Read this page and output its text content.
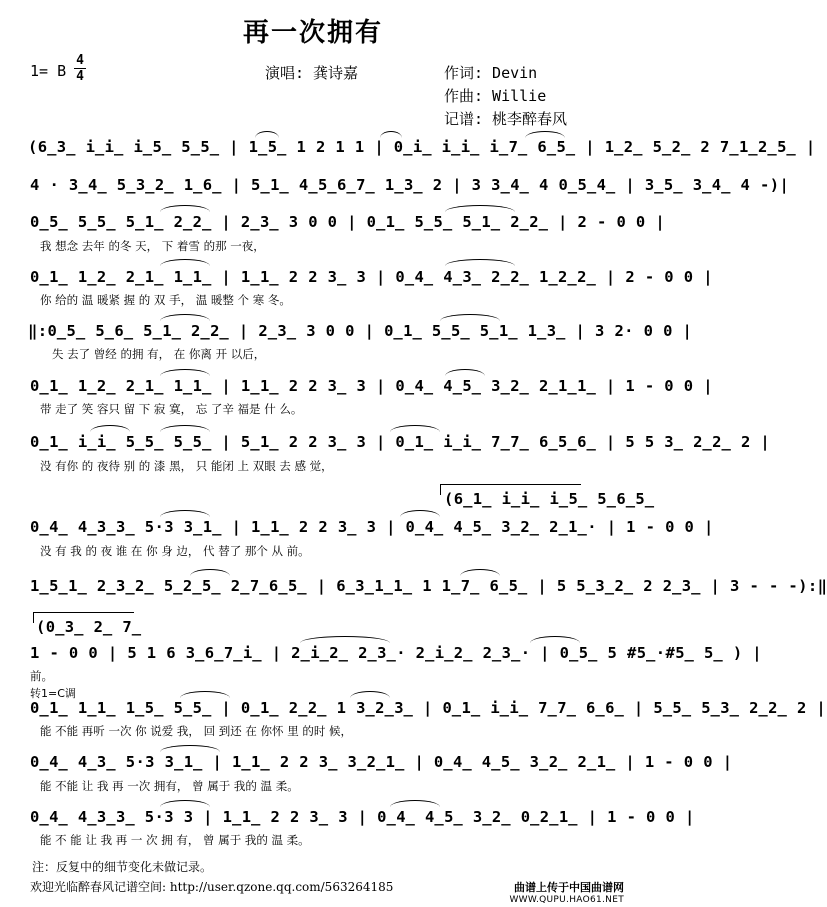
再一次拥有
1= B
4
4	演唱: 龚诗嘉	作词: Devin
作曲: Willie
记谱: 桃李醉春风
(6̲3̲ i̲i̲ i̲5̲ 5̲5̲ | 1̲5̲ 1 2 1 1 | 0̲i̲ i̲i̲ i̲7̲ 6̲5̲ | 1̲2̲ 5̲2̲ 2 7̲1̲2̲5̲ |
4 · 3̲4̲ 5̲3̲2̲ 1̲6̲ | 5̲1̲ 4̲5̲6̲7̲ 1̲3̲ 2 | 3 3̲4̲ 4 0̲5̲4̲ | 3̲5̲ 3̲4̲ 4 -)|
0̲5̲ 5̲5̲ 5̲1̲ 2̲2̲ | 2̲3̲ 3 0 0 | 0̲1̲ 5̲5̲ 5̲1̲ 2̲2̲ | 2 - 0 0 |
我 想念 去年 的冬 天， 下 着雪 的那 一夜，
0̲1̲ 1̲2̲ 2̲1̲ 1̲1̲ | 1̲1̲ 2 2 3̲ 3 | 0̲4̲ 4̲3̲ 2̲2̲ 1̲2̲2̲ | 2 - 0 0 |
你 给的 温 暖紧 握 的 双 手， 温 暖整 个 寒 冬。
‖:0̲5̲ 5̲6̲ 5̲1̲ 2̲2̲ | 2̲3̲ 3 0 0 | 0̲1̲ 5̲5̲ 5̲1̲ 1̲3̲ | 3 2· 0 0 |
失 去了 曾经 的拥 有， 在 你离 开 以后，
0̲1̲ 1̲2̲ 2̲1̲ 1̲1̲ | 1̲1̲ 2 2 3̲ 3 | 0̲4̲ 4̲5̲ 3̲2̲ 2̲1̲1̲ | 1 - 0 0 |
带 走了 笑 容只 留 下 寂 寞， 忘 了辛 福是 什 么。
0̲1̲ i̲i̲ 5̲5̲ 5̲5̲ | 5̲1̲ 2 2 3̲ 3 | 0̲1̲ i̲i̲ 7̲7̲ 6̲5̲6̲ | 5 5 3̲ 2̲2̲ 2 |
没 有你 的 夜待 别 的 漆 黑， 只 能闭 上 双眼 去 感 觉，
(6̲1̲ i̲i̲ i̲5̲ 5̲6̲5̲
0̲4̲ 4̲3̲3̲ 5·3 3̲1̲ | 1̲1̲ 2 2 3̲ 3 | 0̲4̲ 4̲5̲ 3̲2̲ 2̲1̲· | 1 - 0 0 |
没 有 我 的 夜 谁 在 你 身 边， 代 替了 那个 从 前。
1̲5̲1̲ 2̲3̲2̲ 5̲2̲5̲ 2̲7̲6̲5̲ | 6̲3̲1̲1̲ 1 1̲7̲ 6̲5̲ | 5 5̲3̲2̲ 2 2̲3̲ | 3 - - -):‖
(0̲3̲ 2̲ 7̲
1 - 0 0 | 5 1 6 3̲6̲7̲i̲ | 2̲i̲2̲ 2̲3̲· 2̲i̲2̲ 2̲3̲· | 0̲5̲ 5 #5̲·#5̲ 5̲ ) |
前。
转1=C调
0̲1̲ 1̲1̲ 1̲5̲ 5̲5̲ | 0̲1̲ 2̲2̲ 1 3̲2̲3̲ | 0̲1̲ i̲i̲ 7̲7̲ 6̲6̲ | 5̲5̲ 5̲3̲ 2̲2̲ 2 |
能 不能 再听 一次 你 说爱 我， 回 到还 在 你怀 里 的时 候，
0̲4̲ 4̲3̲ 5·3 3̲1̲ | 1̲1̲ 2 2 3̲ 3̲2̲1̲ | 0̲4̲ 4̲5̲ 3̲2̲ 2̲1̲ | 1 - 0 0 |
能 不能 让 我 再 一次 拥有， 曾 属于 我的 温 柔。
0̲4̲ 4̲3̲3̲ 5·3 3 | 1̲1̲ 2 2 3̲ 3 | 0̲4̲ 4̲5̲ 3̲2̲ 0̲2̲1̲ | 1 - 0 0 |
能 不 能 让 我 再 一 次 拥 有， 曾 属于 我的 温 柔。
注：反复中的细节变化未做记录。
欢迎光临醉春风记谱空间: http://user.qzone.qq.com/563264185	曲谱上传于中国曲谱网
WWW.QUPU.HAO61.NET
